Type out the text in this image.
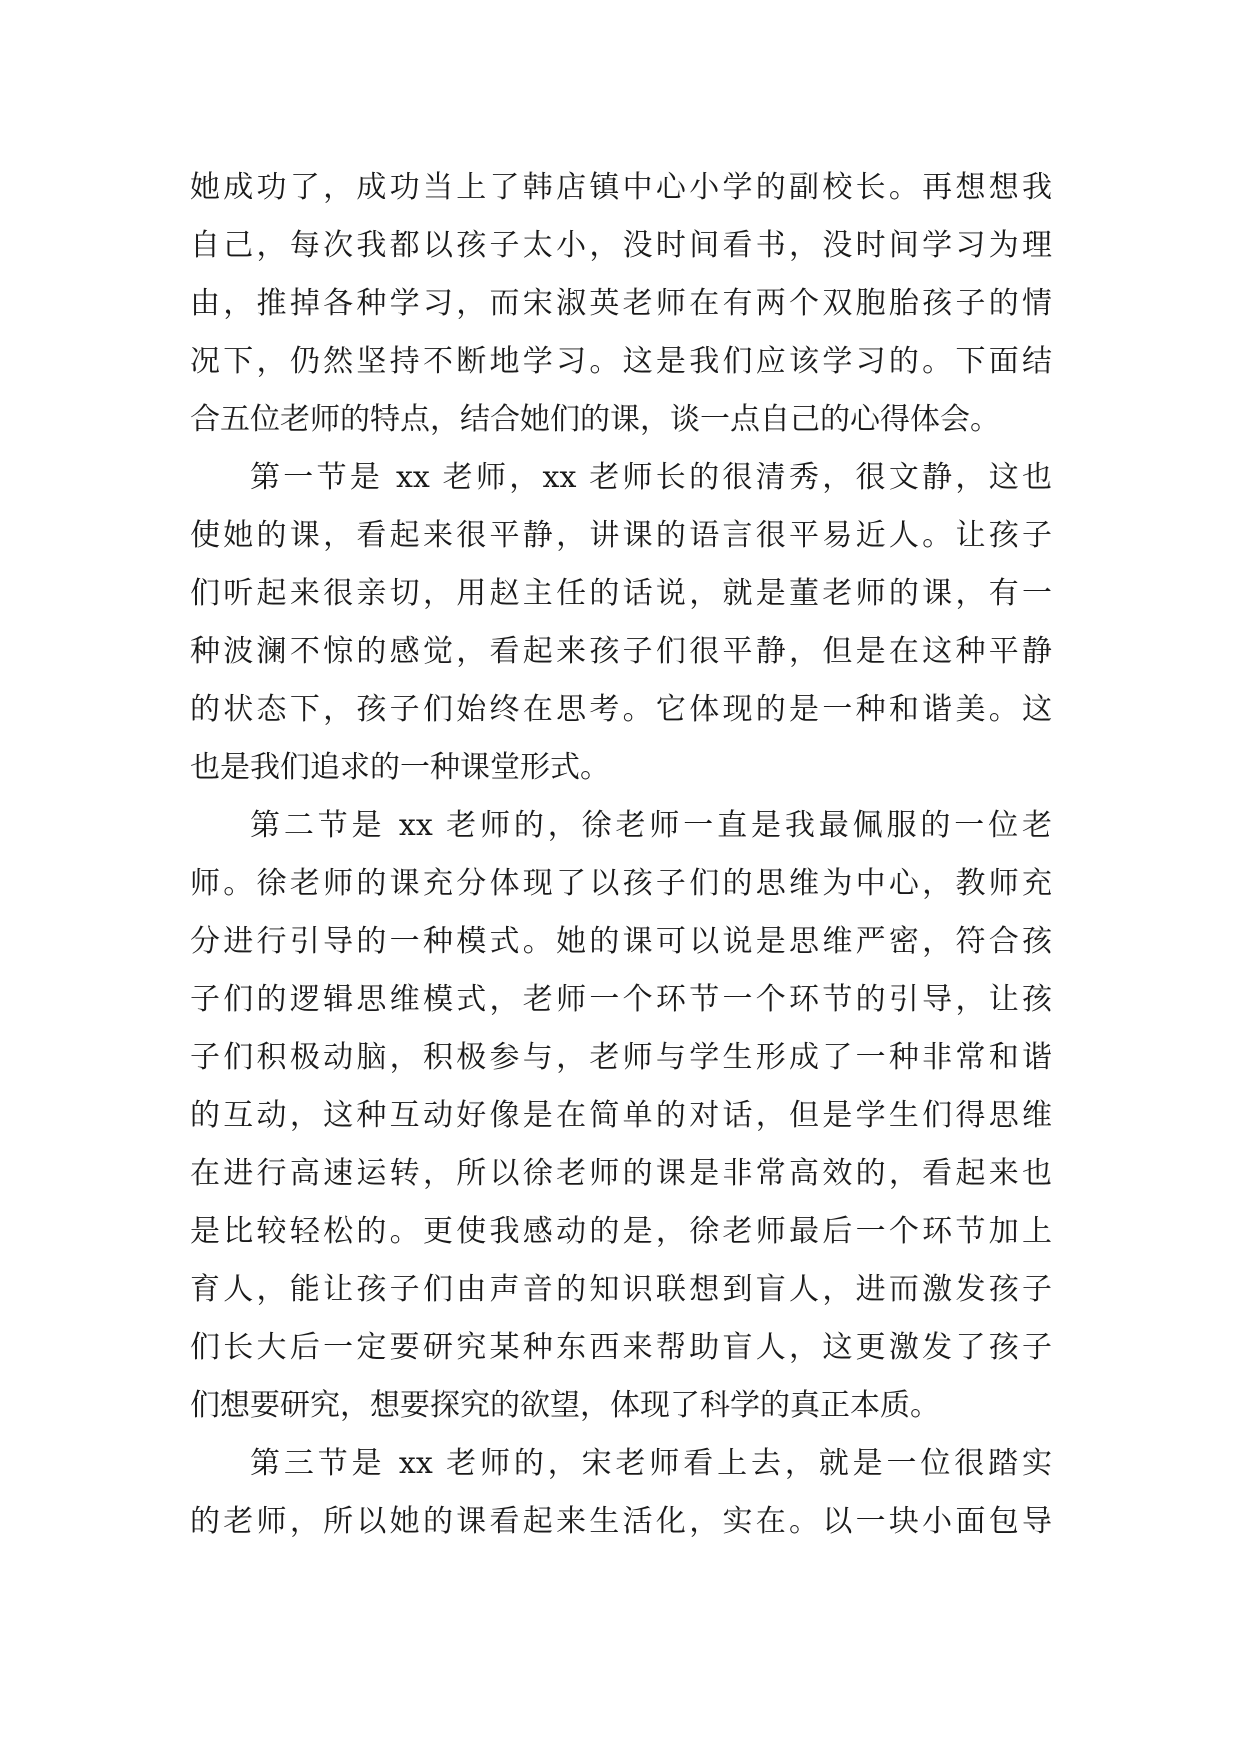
她成功了，成功当上了韩店镇中心小学的副校长。再想想我
自己，每次我都以孩子太小，没时间看书，没时间学习为理
由，推掉各种学习，而宋淑英老师在有两个双胞胎孩子的情
况下，仍然坚持不断地学习。这是我们应该学习的。下面结
合五位老师的特点，结合她们的课，谈一点自己的心得体会。
第一节是 xx 老师，xx 老师长的很清秀，很文静，这也
使她的课，看起来很平静，讲课的语言很平易近人。让孩子
们听起来很亲切，用赵主任的话说，就是董老师的课，有一
种波澜不惊的感觉，看起来孩子们很平静，但是在这种平静
的状态下，孩子们始终在思考。它体现的是一种和谐美。这
也是我们追求的一种课堂形式。
第二节是 xx 老师的，徐老师一直是我最佩服的一位老
师。徐老师的课充分体现了以孩子们的思维为中心，教师充
分进行引导的一种模式。她的课可以说是思维严密，符合孩
子们的逻辑思维模式，老师一个环节一个环节的引导，让孩
子们积极动脑，积极参与，老师与学生形成了一种非常和谐
的互动，这种互动好像是在简单的对话，但是学生们得思维
在进行高速运转，所以徐老师的课是非常高效的，看起来也
是比较轻松的。更使我感动的是，徐老师最后一个环节加上
育人，能让孩子们由声音的知识联想到盲人，进而激发孩子
们长大后一定要研究某种东西来帮助盲人，这更激发了孩子
们想要研究，想要探究的欲望，体现了科学的真正本质。
第三节是 xx 老师的，宋老师看上去，就是一位很踏实
的老师，所以她的课看起来生活化，实在。以一块小面包导
